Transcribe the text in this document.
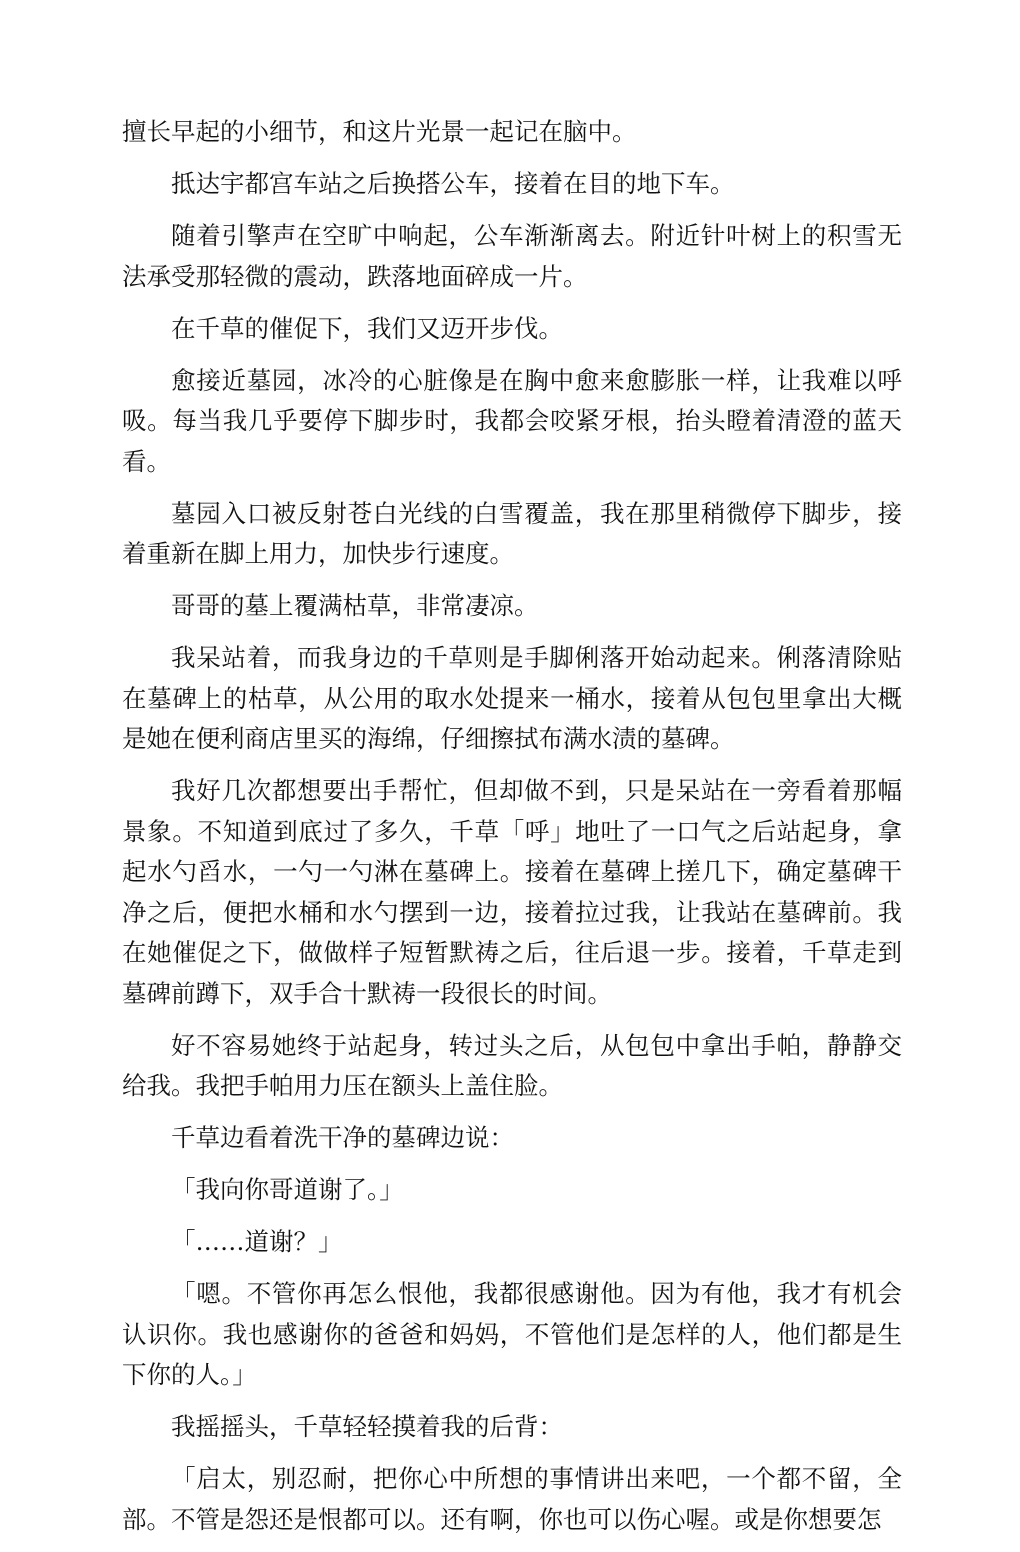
擅长早起的小细节，和这片光景一起记在脑中。

抵达宇都宫车站之后换搭公车，接着在目的地下车。

随着引擎声在空旷中响起，公车渐渐离去。附近针叶树上的积雪无法承受那轻微的震动，跌落地面碎成一片。

在千草的催促下，我们又迈开步伐。

愈接近墓园，冰冷的心脏像是在胸中愈来愈膨胀一样，让我难以呼吸。每当我几乎要停下脚步时，我都会咬紧牙根，抬头瞪着清澄的蓝天看。

墓园入口被反射苍白光线的白雪覆盖，我在那里稍微停下脚步，接着重新在脚上用力，加快步行速度。

哥哥的墓上覆满枯草，非常凄凉。

我呆站着，而我身边的千草则是手脚俐落开始动起来。俐落清除贴在墓碑上的枯草，从公用的取水处提来一桶水，接着从包包里拿出大概是她在便利商店里买的海绵，仔细擦拭布满水渍的墓碑。

我好几次都想要出手帮忙，但却做不到，只是呆站在一旁看着那幅景象。不知道到底过了多久，千草「呼」地吐了一口气之后站起身，拿起水勺舀水，一勺一勺淋在墓碑上。接着在墓碑上搓几下，确定墓碑干净之后，便把水桶和水勺摆到一边，接着拉过我，让我站在墓碑前。我在她催促之下，做做样子短暂默祷之后，往后退一步。接着，千草走到墓碑前蹲下，双手合十默祷一段很长的时间。

好不容易她终于站起身，转过头之后，从包包中拿出手帕，静静交给我。我把手帕用力压在额头上盖住脸。

千草边看着洗干净的墓碑边说：

「我向你哥道谢了。」

「……道谢？」

「嗯。不管你再怎么恨他，我都很感谢他。因为有他，我才有机会认识你。我也感谢你的爸爸和妈妈，不管他们是怎样的人，他们都是生下你的人。」

我摇摇头，千草轻轻摸着我的后背：

「启太，别忍耐，把你心中所想的事情讲出来吧，一个都不留，全部。不管是怨还是恨都可以。还有啊，你也可以伤心喔。或是你想要怎
